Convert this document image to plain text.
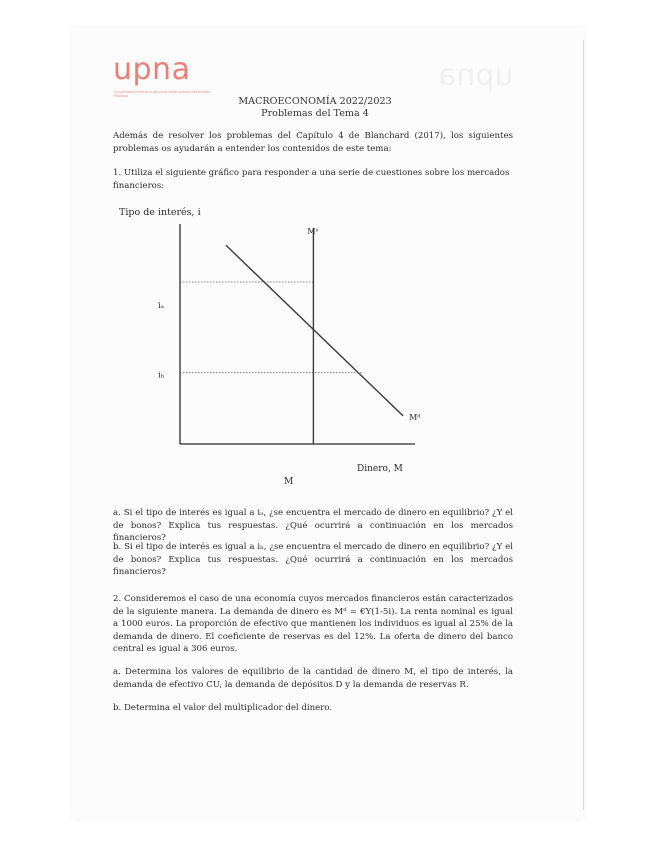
upna
upna
Universidad Pública de Navarra Nafarroako Unibertsitate Publikoa	MACROECONOMÍA 2022/2023
Problemas del Tema 4

Además de resolver los problemas del Capítulo 4 de Blanchard (2017), los siguientes problemas os ayudarán a entender los contenidos de este tema:

1. Utiliza el siguiente gráfico para responder a una serie de cuestiones sobre los mercados financieros:

Tipo de interés, i
Dinero, M
M
Mˢ
Mᵈ
iₐ
iₕ

a. Si el tipo de interés es igual a iₐ, ¿se encuentra el mercado de dinero en equilibrio? ¿Y el de bonos? Explica tus respuestas. ¿Qué ocurrirá a continuación en los mercados financieros?

b. Si el tipo de interés es igual a iₕ, ¿se encuentra el mercado de dinero en equilibrio? ¿Y el de bonos? Explica tus respuestas. ¿Qué ocurrirá a continuación en los mercados financieros?

2. Consideremos el caso de una economía cuyos mercados financieros están caracterizados de la siguiente manera. La demanda de dinero es Mᵈ = €Y(1-5i). La renta nominal es igual a 1000 euros. La proporción de efectivo que mantienen los individuos es igual al 25% de la demanda de dinero. El coeficiente de reservas es del 12%. La oferta de dinero del banco central es igual a 306 euros.

a. Determina los valores de equilibrio de la cantidad de dinero M, el tipo de interés, la demanda de efectivo CU, la demanda de depósitos D y la demanda de reservas R.

b. Determina el valor del multiplicador del dinero.
